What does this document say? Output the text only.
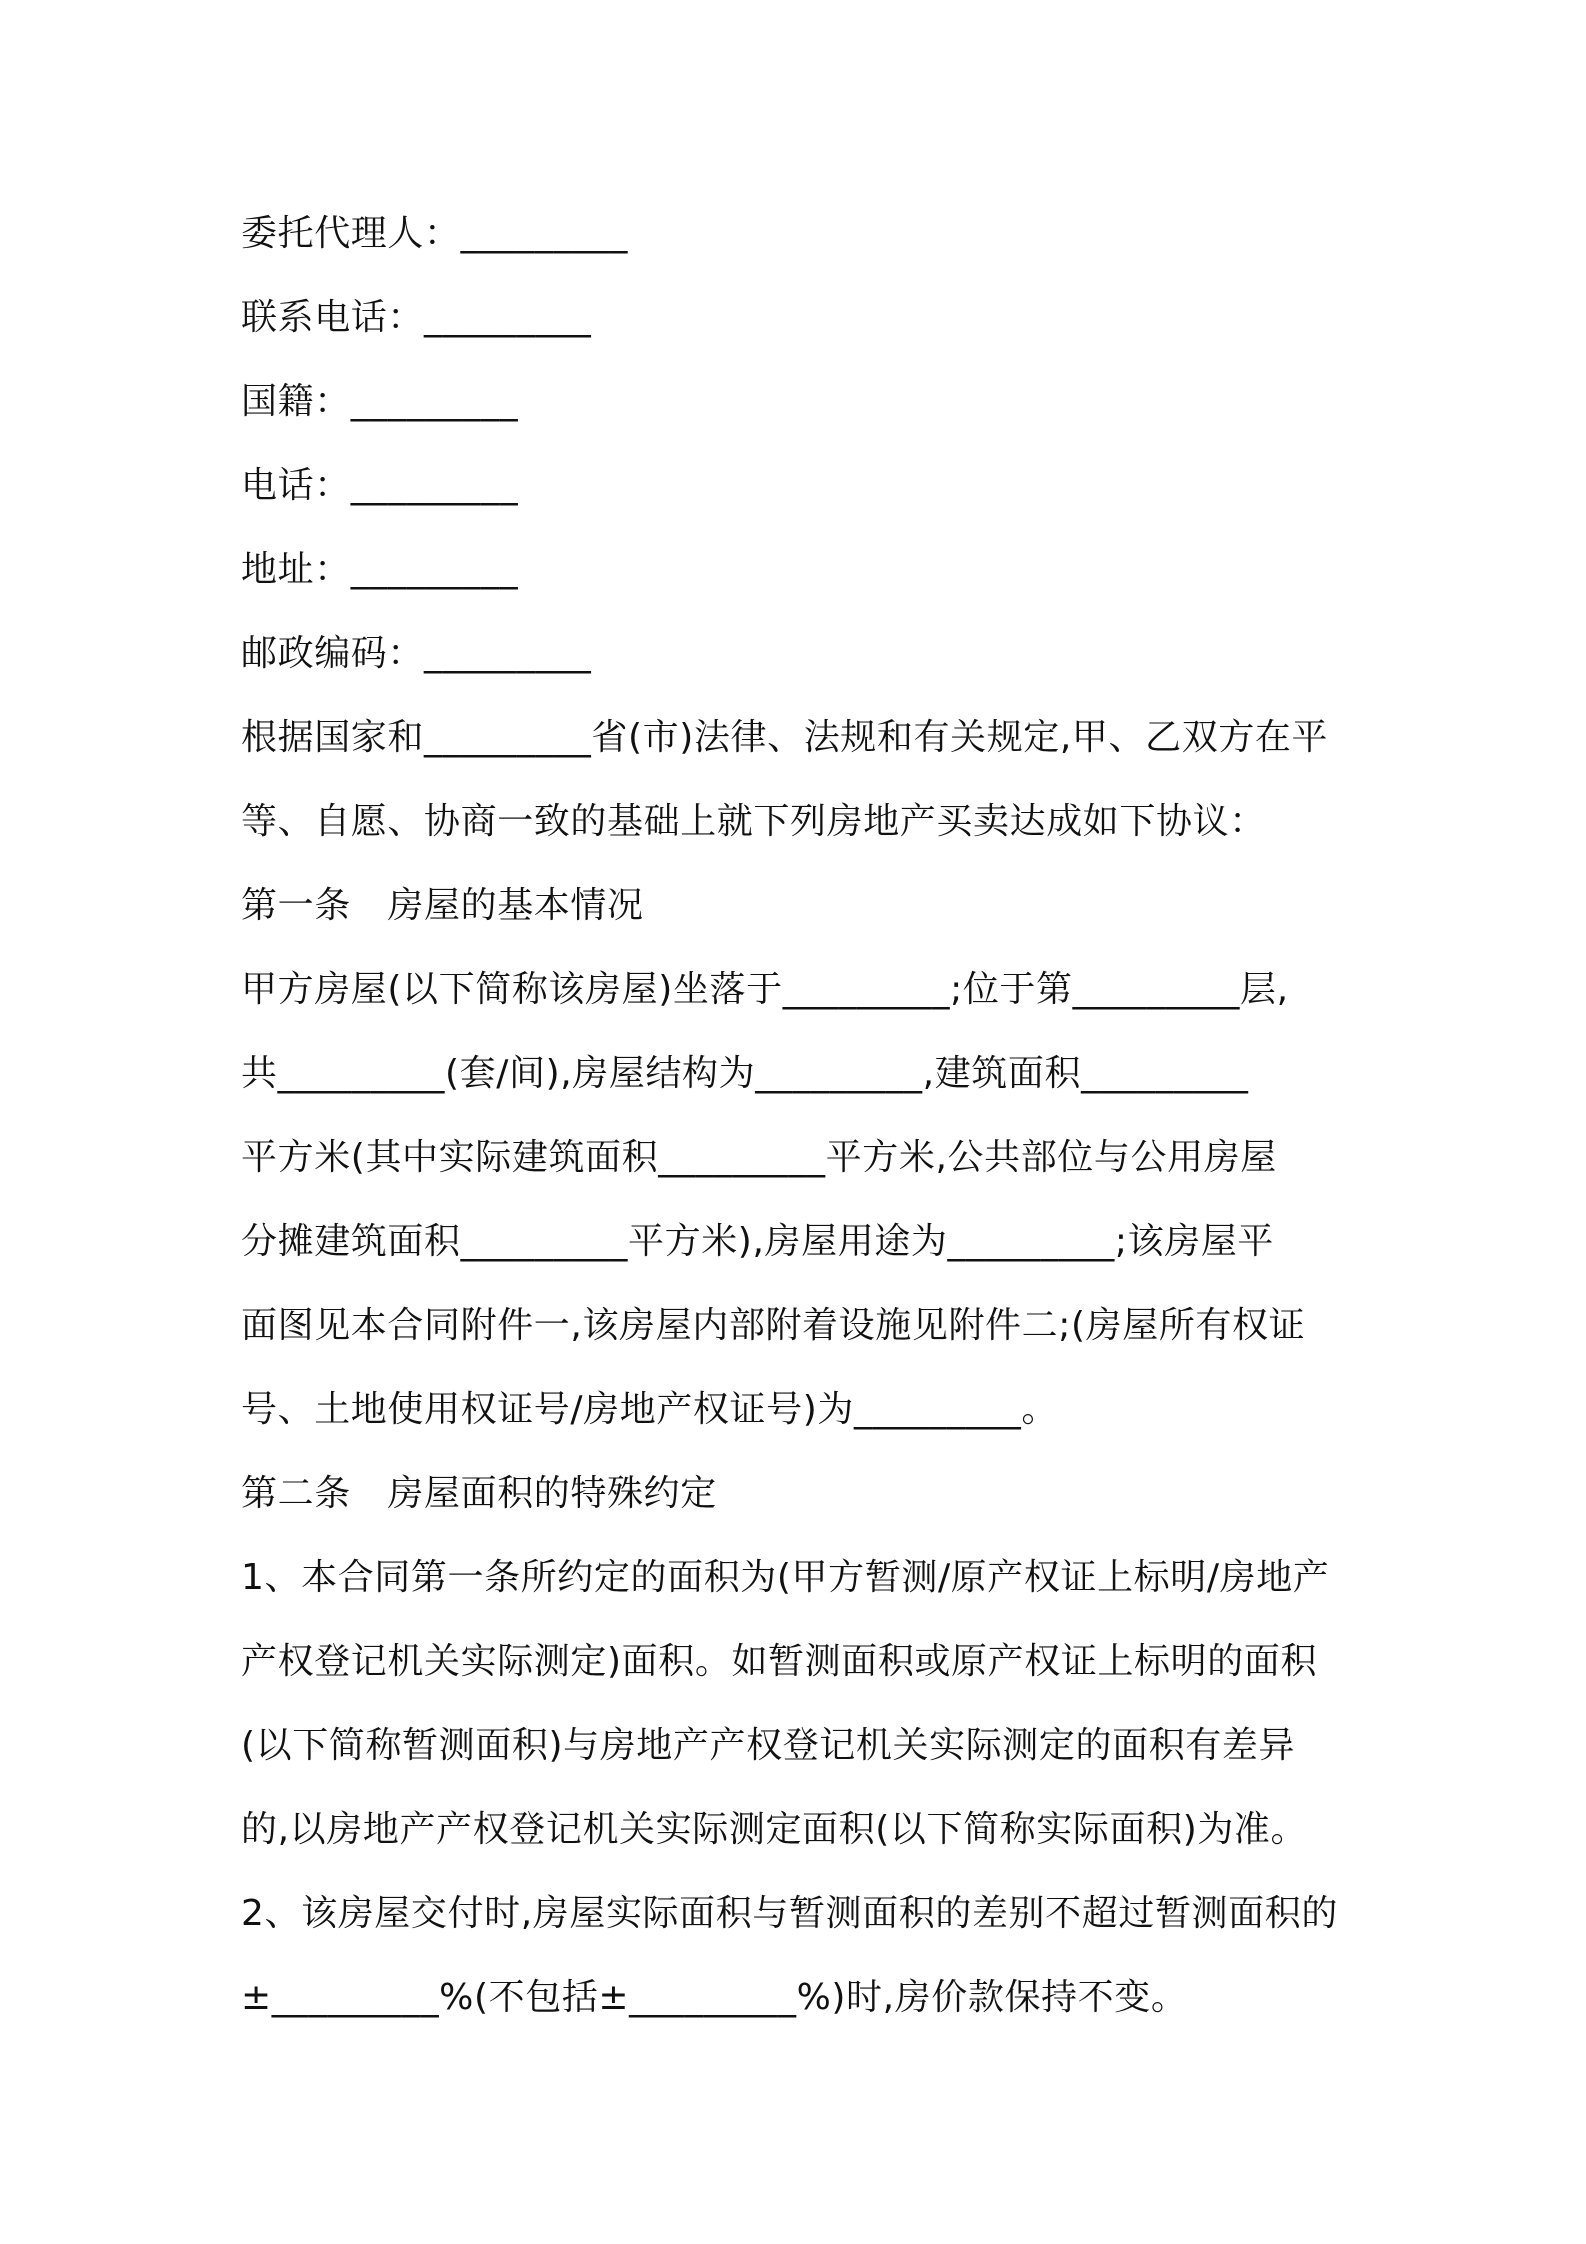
委托代理人：_________

联系电话：_________

国籍：_________

电话：_________

地址：_________

邮政编码：_________

根据国家和_________省(市)法律、法规和有关规定,甲、乙双方在平

等、自愿、协商一致的基础上就下列房地产买卖达成如下协议：

第一条　房屋的基本情况

甲方房屋(以下简称该房屋)坐落于_________;位于第_________层,

共_________(套/间),房屋结构为_________,建筑面积_________

平方米(其中实际建筑面积_________平方米,公共部位与公用房屋

分摊建筑面积_________平方米),房屋用途为_________;该房屋平

面图见本合同附件一,该房屋内部附着设施见附件二;(房屋所有权证

号、土地使用权证号/房地产权证号)为_________。

第二条　房屋面积的特殊约定

1、本合同第一条所约定的面积为(甲方暂测/原产权证上标明/房地产

产权登记机关实际测定)面积。如暂测面积或原产权证上标明的面积

(以下简称暂测面积)与房地产产权登记机关实际测定的面积有差异

的,以房地产产权登记机关实际测定面积(以下简称实际面积)为准。

2、该房屋交付时,房屋实际面积与暂测面积的差别不超过暂测面积的

±_________%(不包括±_________%)时,房价款保持不变。
